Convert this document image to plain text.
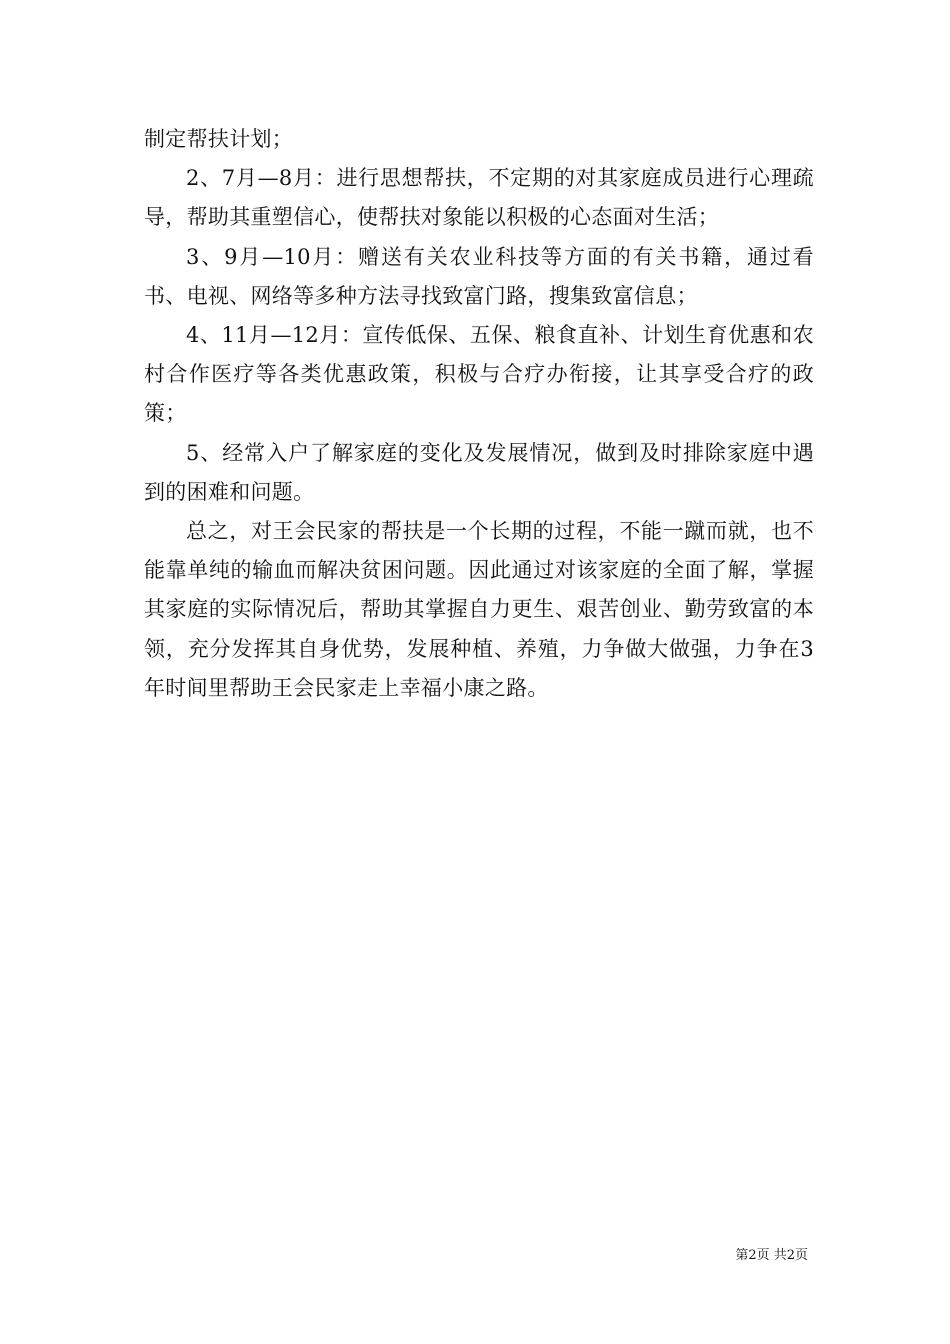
制定帮扶计划；

2、7月—8月：进行思想帮扶，不定期的对其家庭成员进行心理疏导，帮助其重塑信心，使帮扶对象能以积极的心态面对生活；

3、9月—10月：赠送有关农业科技等方面的有关书籍，通过看书、电视、网络等多种方法寻找致富门路，搜集致富信息；

4、11月—12月：宣传低保、五保、粮食直补、计划生育优惠和农村合作医疗等各类优惠政策，积极与合疗办衔接，让其享受合疗的政策；

5、经常入户了解家庭的变化及发展情况，做到及时排除家庭中遇到的困难和问题。

总之，对王会民家的帮扶是一个长期的过程，不能一蹴而就，也不能靠单纯的输血而解决贫困问题。因此通过对该家庭的全面了解，掌握其家庭的实际情况后，帮助其掌握自力更生、艰苦创业、勤劳致富的本领，充分发挥其自身优势，发展种植、养殖，力争做大做强，力争在3年时间里帮助王会民家走上幸福小康之路。

第2页 共2页
